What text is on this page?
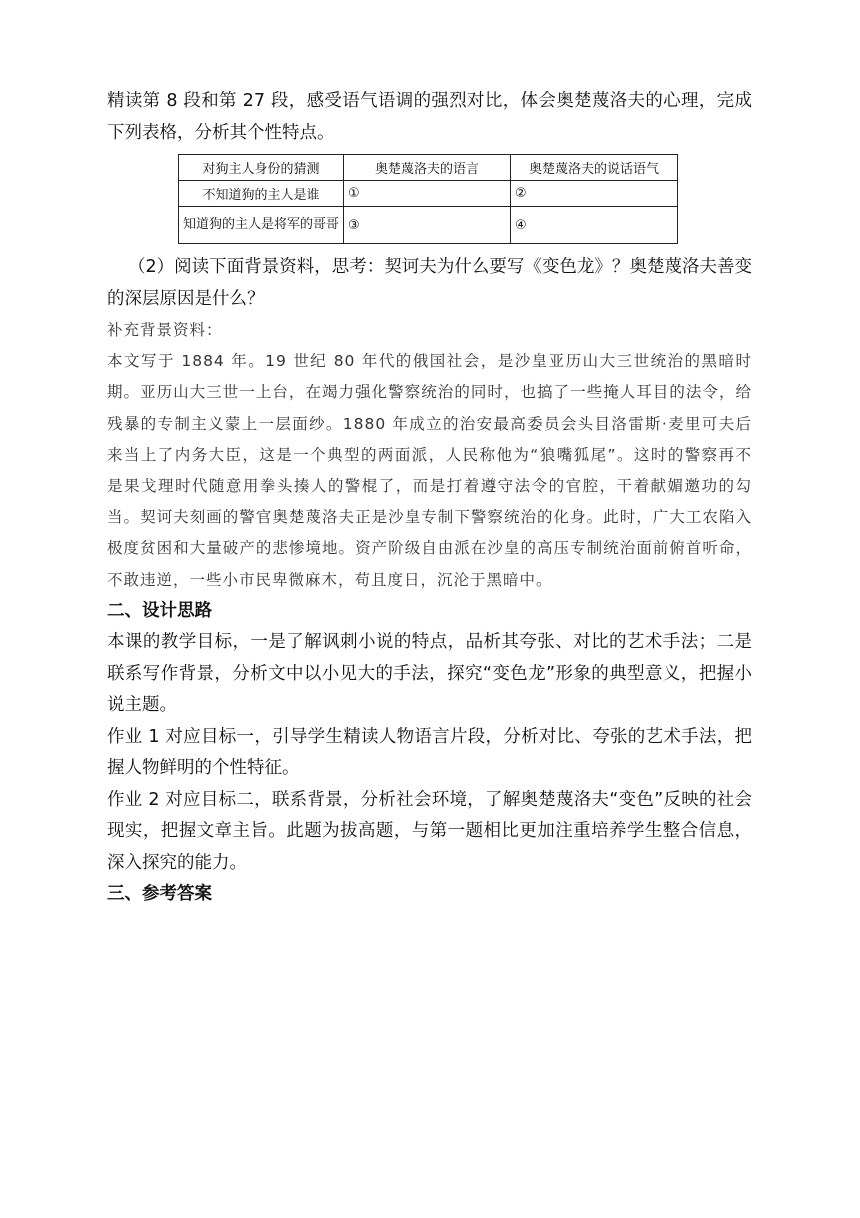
精读第 8 段和第 27 段，感受语气语调的强烈对比，体会奥楚蔑洛夫的心理，完成下列表格，分析其个性特点。

对狗主人身份的猜测	奥楚蔑洛夫的语言	奥楚蔑洛夫的说话语气
不知道狗的主人是谁	①	②
知道狗的主人是将军的哥哥	③	④

（2）阅读下面背景资料，思考：契诃夫为什么要写《变色龙》？奥楚蔑洛夫善变的深层原因是什么？

补充背景资料：

本文写于 1884 年。19 世纪 80 年代的俄国社会，是沙皇亚历山大三世统治的黑暗时期。亚历山大三世一上台，在竭力强化警察统治的同时，也搞了一些掩人耳目的法令，给残暴的专制主义蒙上一层面纱。1880 年成立的治安最高委员会头目洛雷斯·麦里可夫后来当上了内务大臣，这是一个典型的两面派，人民称他为“狼嘴狐尾”。这时的警察再不是果戈理时代随意用拳头揍人的警棍了，而是打着遵守法令的官腔，干着献媚邀功的勾当。契诃夫刻画的警官奥楚蔑洛夫正是沙皇专制下警察统治的化身。此时，广大工农陷入极度贫困和大量破产的悲惨境地。资产阶级自由派在沙皇的高压专制统治面前俯首听命，不敢违逆，一些小市民卑微麻木，苟且度日，沉沦于黑暗中。

二、设计思路

本课的教学目标，一是了解讽刺小说的特点，品析其夸张、对比的艺术手法；二是联系写作背景，分析文中以小见大的手法，探究“变色龙”形象的典型意义，把握小说主题。

作业 1 对应目标一，引导学生精读人物语言片段，分析对比、夸张的艺术手法，把握人物鲜明的个性特征。

作业 2 对应目标二，联系背景，分析社会环境，了解奥楚蔑洛夫“变色”反映的社会现实，把握文章主旨。此题为拔高题，与第一题相比更加注重培养学生整合信息，深入探究的能力。

三、参考答案
